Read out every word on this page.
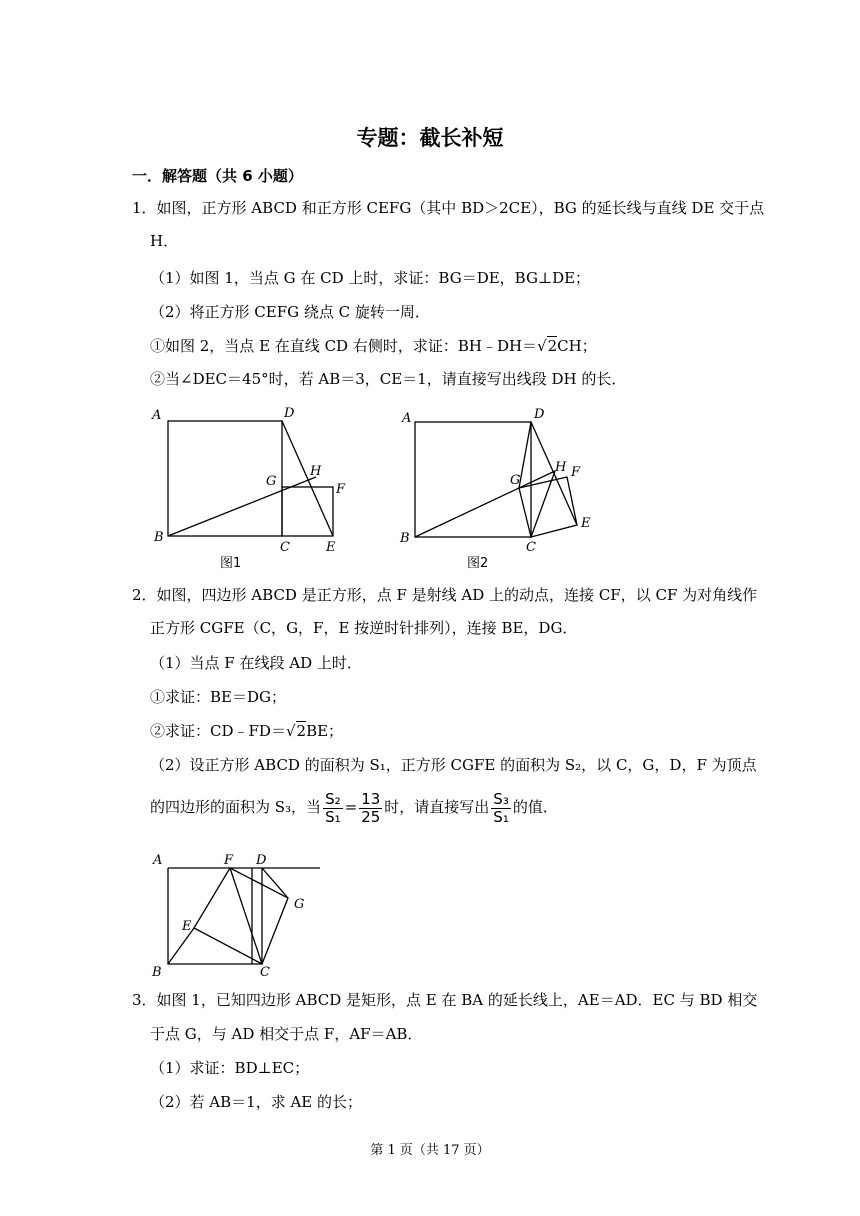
专题：截长补短
一．解答题（共 6 小题）
1．如图，正方形 ABCD 和正方形 CEFG（其中 BD＞2CE），BG 的延长线与直线 DE 交于点
H．
（1）如图 1，当点 G 在 CD 上时，求证：BG＝DE，BG⊥DE；
（2）将正方形 CEFG 绕点 C 旋转一周．
①如图 2，当点 E 在直线 CD 右侧时，求证：BH﹣DH＝√2CH；
②当∠DEC＝45°时，若 AB＝3，CE＝1，请直接写出线段 DH 的长．
A
B
C
D
E
F
G
H
图1
A
B
C
D
E
F
G
H
图2
2．如图，四边形 ABCD 是正方形，点 F 是射线 AD 上的动点，连接 CF，以 CF 为对角线作
正方形 CGFE（C，G，F，E 按逆时针排列），连接 BE，DG．
（1）当点 F 在线段 AD 上时．
①求证：BE＝DG；
②求证：CD﹣FD＝√2BE；
（2）设正方形 ABCD 的面积为 S₁，正方形 CGFE 的面积为 S₂，以 C，G，D，F 为顶点
的四边形的面积为 S₃，当 $\frac{\text{S₂}}{\text{S₁}} = \frac{13}{25}$ 时，请直接写出 $\frac{\text{S₃}}{\text{S₁}}$ 的值．
A
B	C
D
E
F
G
3．如图 1，已知四边形 ABCD 是矩形，点 E 在 BA 的延长线上，AE＝AD．EC 与 BD 相交
于点 G，与 AD 相交于点 F，AF＝AB．
（1）求证：BD⊥EC；
（2）若 AB＝1，求 AE 的长；
第 1 页（共 17 页）
